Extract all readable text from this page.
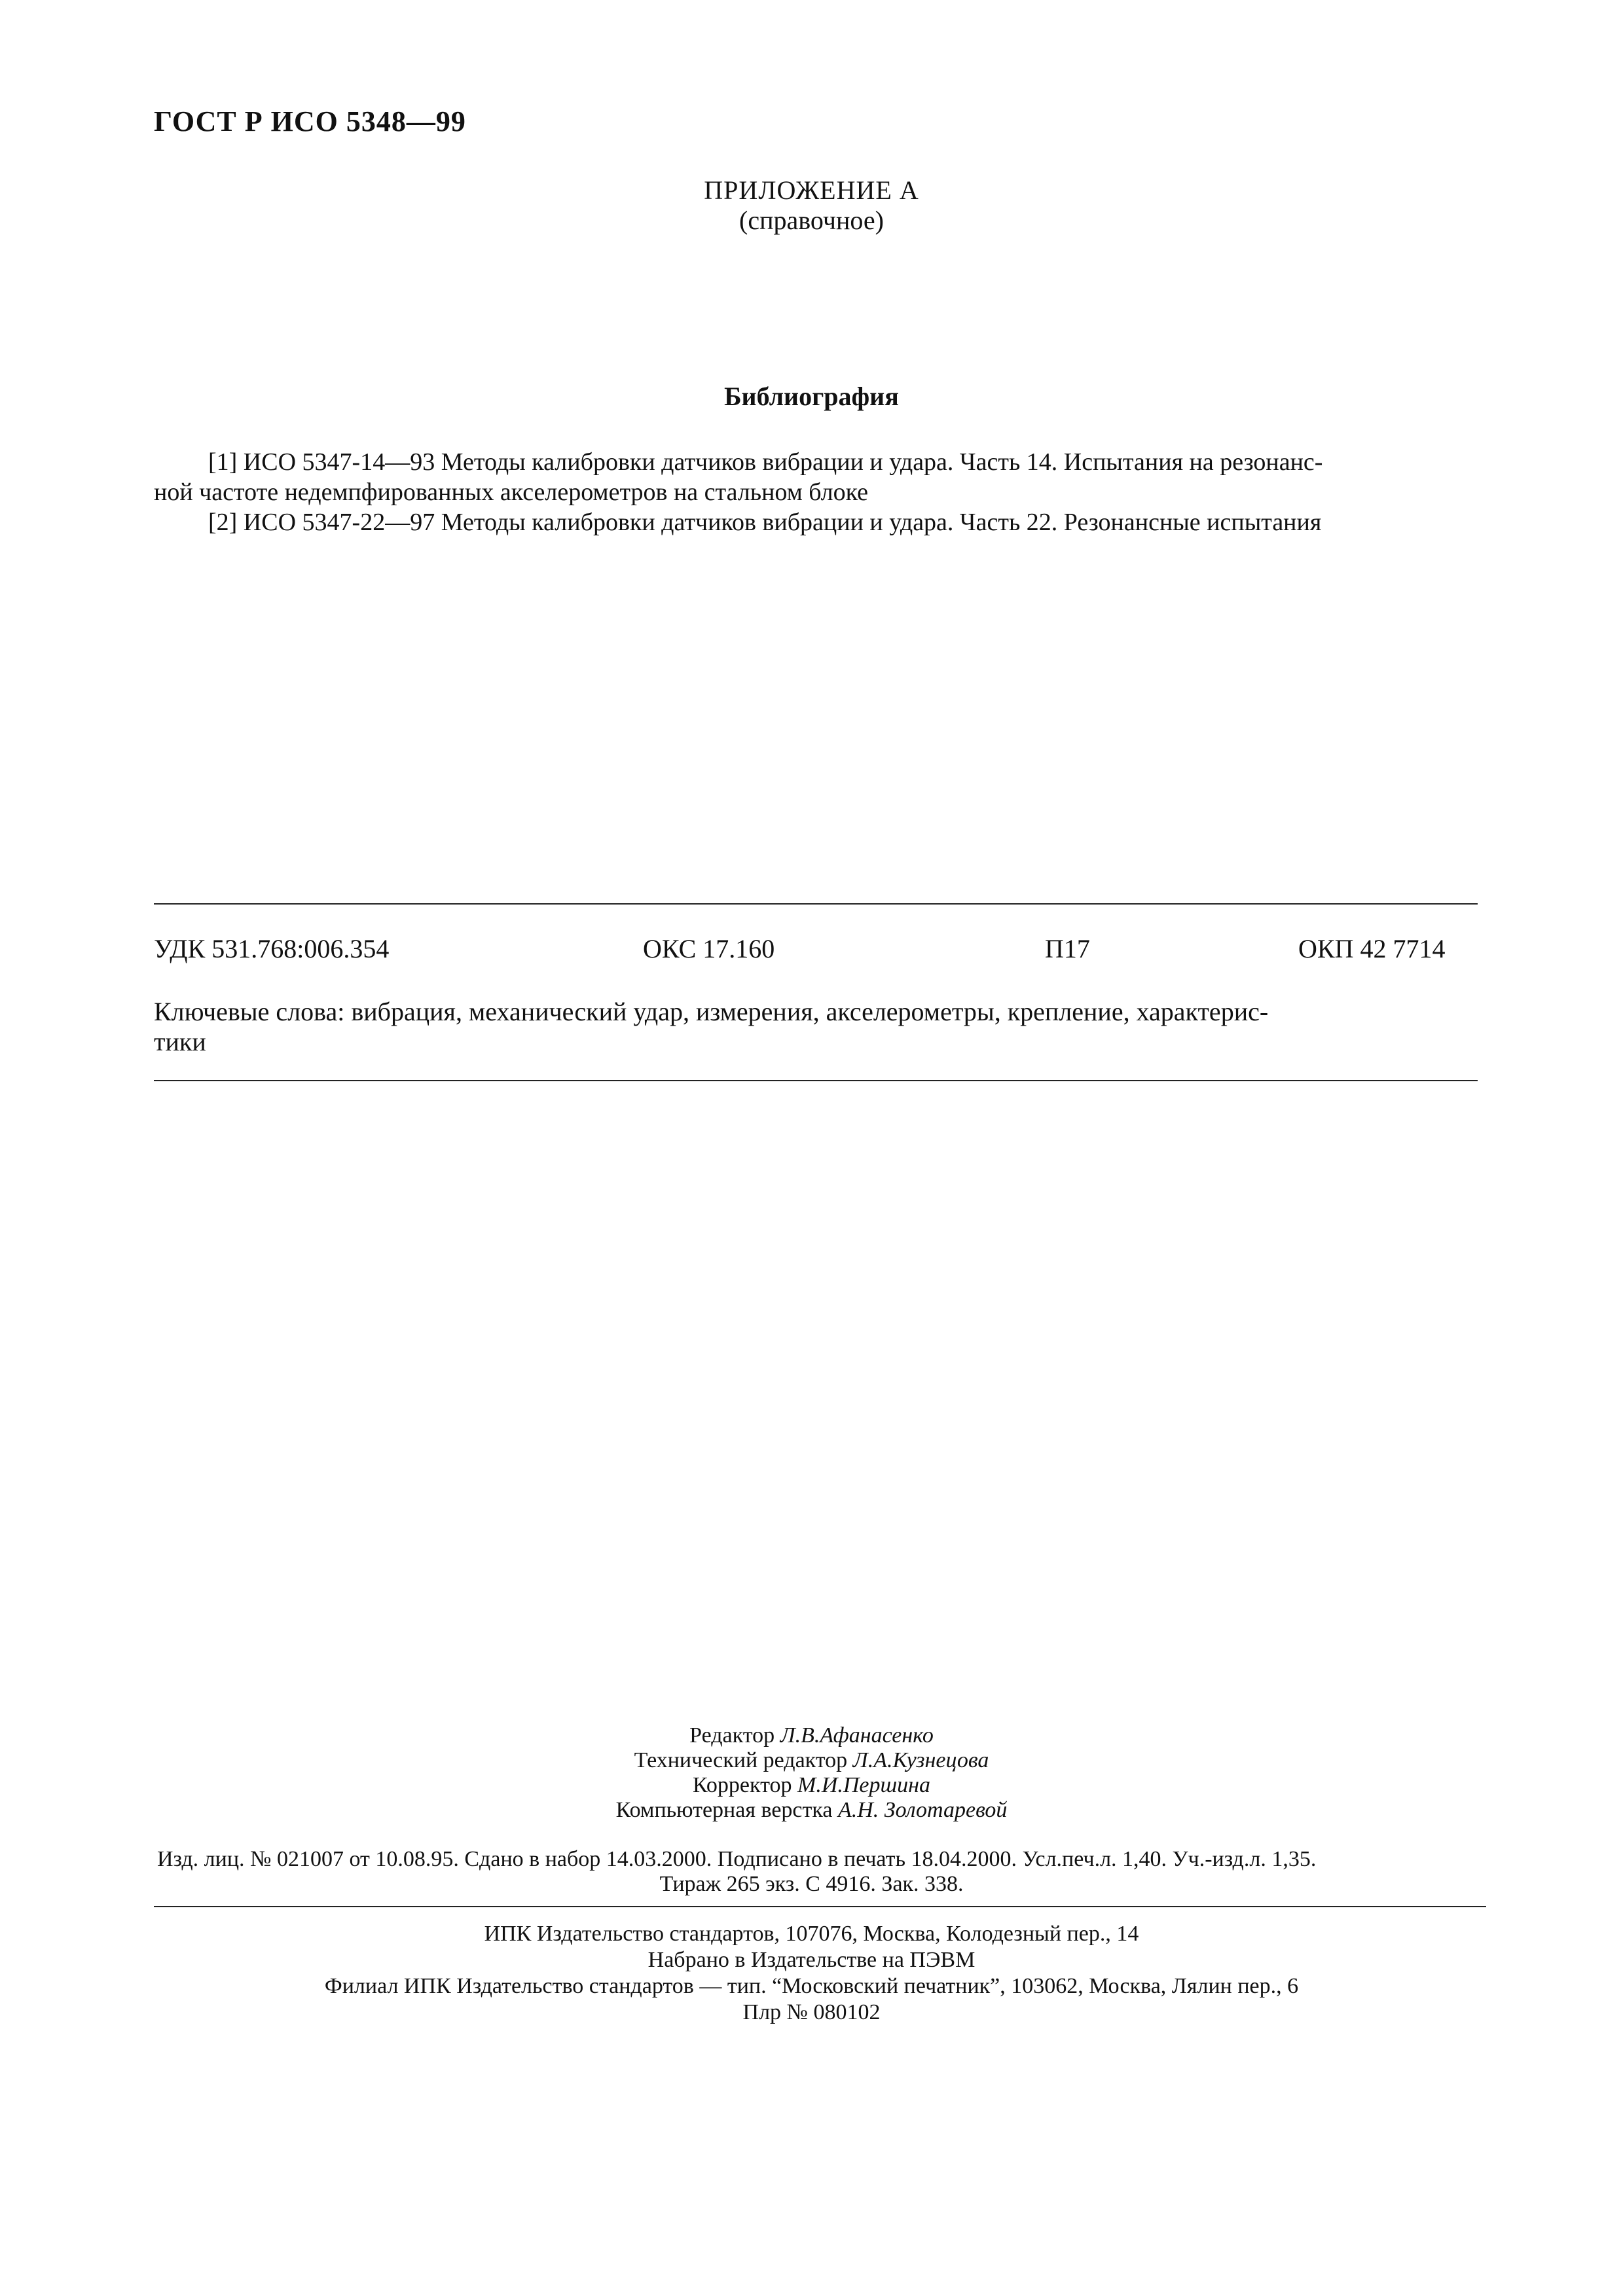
ГОСТ Р ИСО 5348—99
ПРИЛОЖЕНИЕ А
(справочное)
Библиография
[1] ИСО 5347-14—93 Методы калибровки датчиков вибрации и удара. Часть 14. Испытания на резонанс-
ной частоте недемпфированных акселерометров на стальном блоке
[2] ИСО 5347-22—97 Методы калибровки датчиков вибрации и удара. Часть 22. Резонансные испытания
УДК 531.768:006.354	ОКС 17.160	П17	ОКП 42 7714
Ключевые слова: вибрация, механический удар, измерения, акселерометры, крепление, характерис-
тики
Редактор Л.В.Афанасенко
Технический редактор Л.А.Кузнецова
Корректор М.И.Першина
Компьютерная верстка А.Н. Золотаревой
Изд. лиц. № 021007 от 10.08.95. Сдано в набор 14.03.2000. Подписано в печать 18.04.2000. Усл.печ.л. 1,40. Уч.-изд.л. 1,35.
Тираж 265 экз. С 4916. Зак. 338.
ИПК Издательство стандартов, 107076, Москва, Колодезный пер., 14
Набрано в Издательстве на ПЭВМ
Филиал ИПК Издательство стандартов — тип. “Московский печатник”, 103062, Москва, Лялин пер., 6
Плр № 080102
